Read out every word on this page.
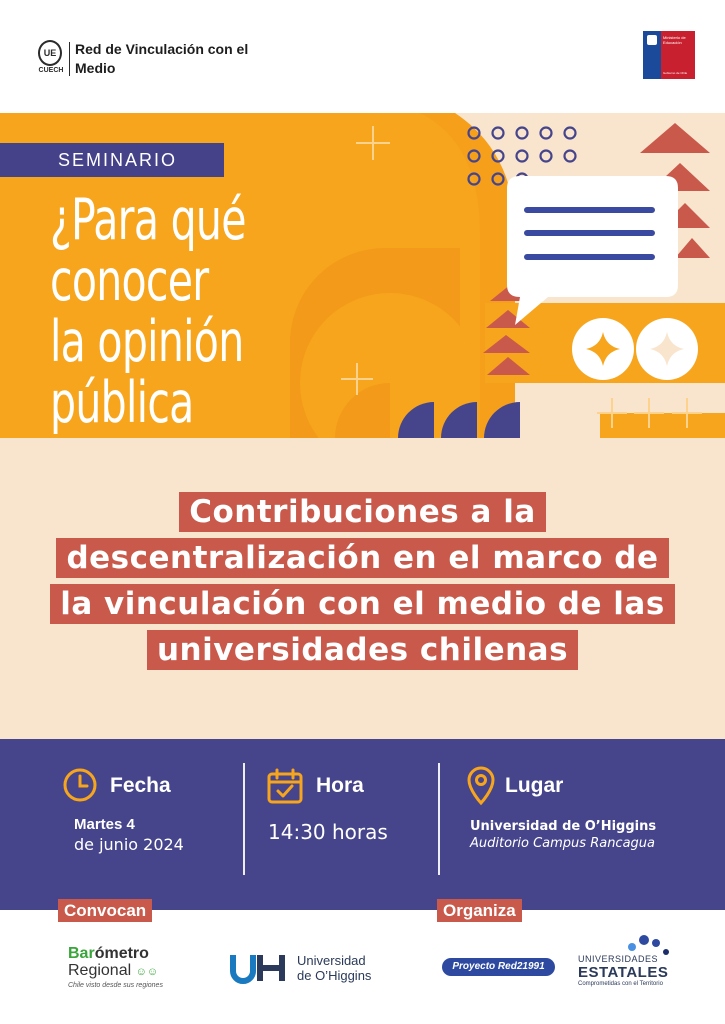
UE
CUECH
Red de Vinculación con el Medio
Ministerio de Educación
Gobierno de Chile
SEMINARIO
¿Para qué conocer
la opinión pública

Contribuciones a la
descentralización en el marco de
la vinculación con el medio de las
universidades chilenas
Fecha
Martes 4
de junio 2024
Hora
14:30 horas
Lugar
Universidad de O’Higgins
Auditorio Campus Rancagua
Convocan	Organiza
Barómetro
Regional ☺☺
Chile visto desde sus regiones
Universidad
de O’Higgins
Proyecto Red21991
UNIVERSIDADES
ESTATALES
Comprometidas con el Territorio
